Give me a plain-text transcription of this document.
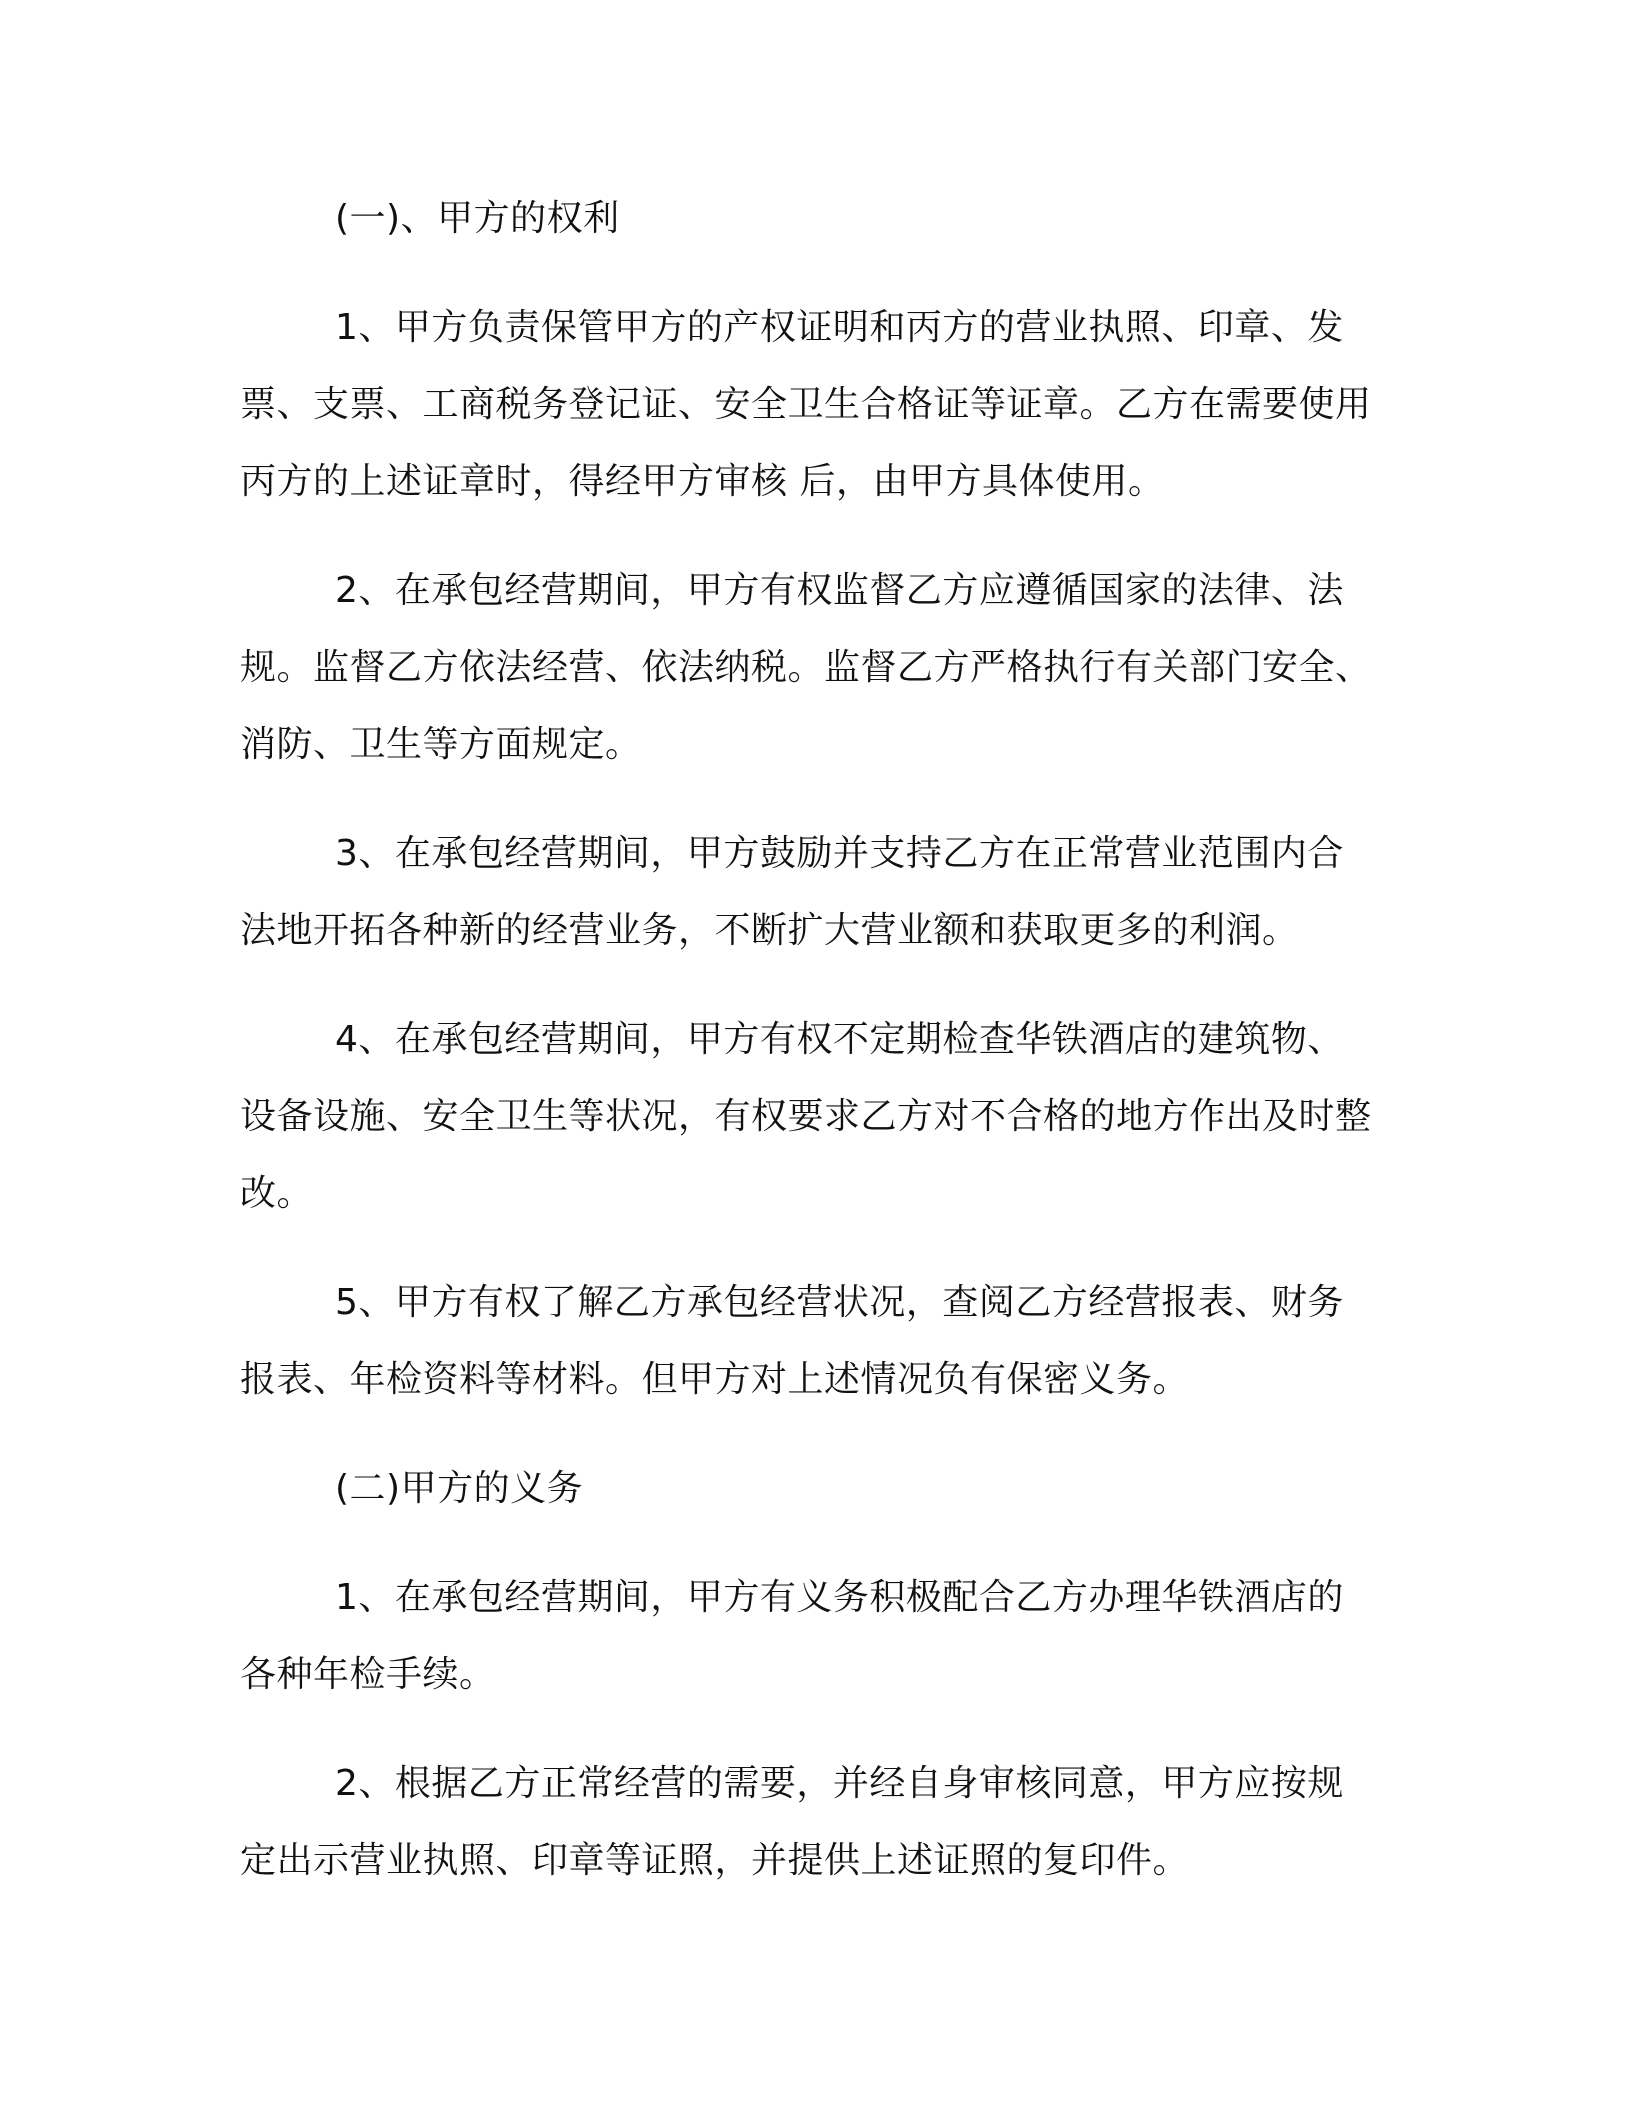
(一)、甲方的权利

1、甲方负责保管甲方的产权证明和丙方的营业执照、印章、发票、支票、工商税务登记证、安全卫生合格证等证章。乙方在需要使用丙方的上述证章时，得经甲方审核 后，由甲方具体使用。

2、在承包经营期间，甲方有权监督乙方应遵循国家的法律、法规。监督乙方依法经营、依法纳税。监督乙方严格执行有关部门安全、消防、卫生等方面规定。

3、在承包经营期间，甲方鼓励并支持乙方在正常营业范围内合法地开拓各种新的经营业务，不断扩大营业额和获取更多的利润。

4、在承包经营期间，甲方有权不定期检查华铁酒店的建筑物、设备设施、安全卫生等状况，有权要求乙方对不合格的地方作出及时整改。

5、甲方有权了解乙方承包经营状况，查阅乙方经营报表、财务报表、年检资料等材料。但甲方对上述情况负有保密义务。

(二)甲方的义务

1、在承包经营期间，甲方有义务积极配合乙方办理华铁酒店的各种年检手续。

2、根据乙方正常经营的需要，并经自身审核同意，甲方应按规定出示营业执照、印章等证照，并提供上述证照的复印件。
